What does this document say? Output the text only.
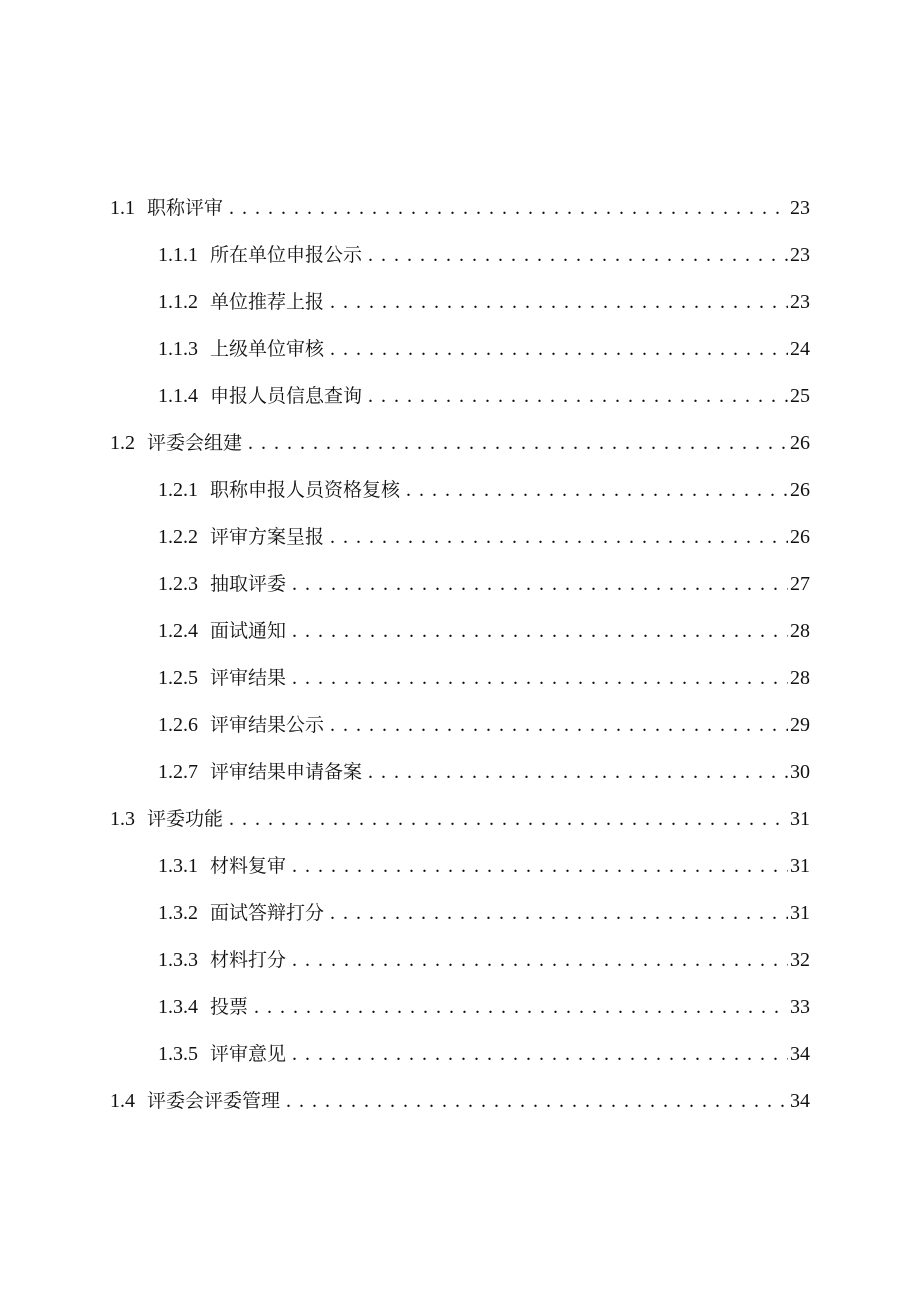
1.1 职称评审 . . .	23
1.1.1 所在单位申报公示 . . .	23
1.1.2 单位推荐上报 . . .	23
1.1.3 上级单位审核 . . .	24
1.1.4 申报人员信息查询 . . .	25
1.2 评委会组建 . . .	26
1.2.1 职称申报人员资格复核 . . .	26
1.2.2 评审方案呈报 . . .	26
1.2.3 抽取评委 . . .	27
1.2.4 面试通知 . . .	28
1.2.5 评审结果 . . .	28
1.2.6 评审结果公示 . . .	29
1.2.7 评审结果申请备案 . . .	30
1.3 评委功能 . . .	31
1.3.1 材料复审 . . .	31
1.3.2 面试答辩打分 . . .	31
1.3.3 材料打分 . . .	32
1.3.4 投票 . . .	33
1.3.5 评审意见 . . .	34
1.4 评委会评委管理 . . .	34
